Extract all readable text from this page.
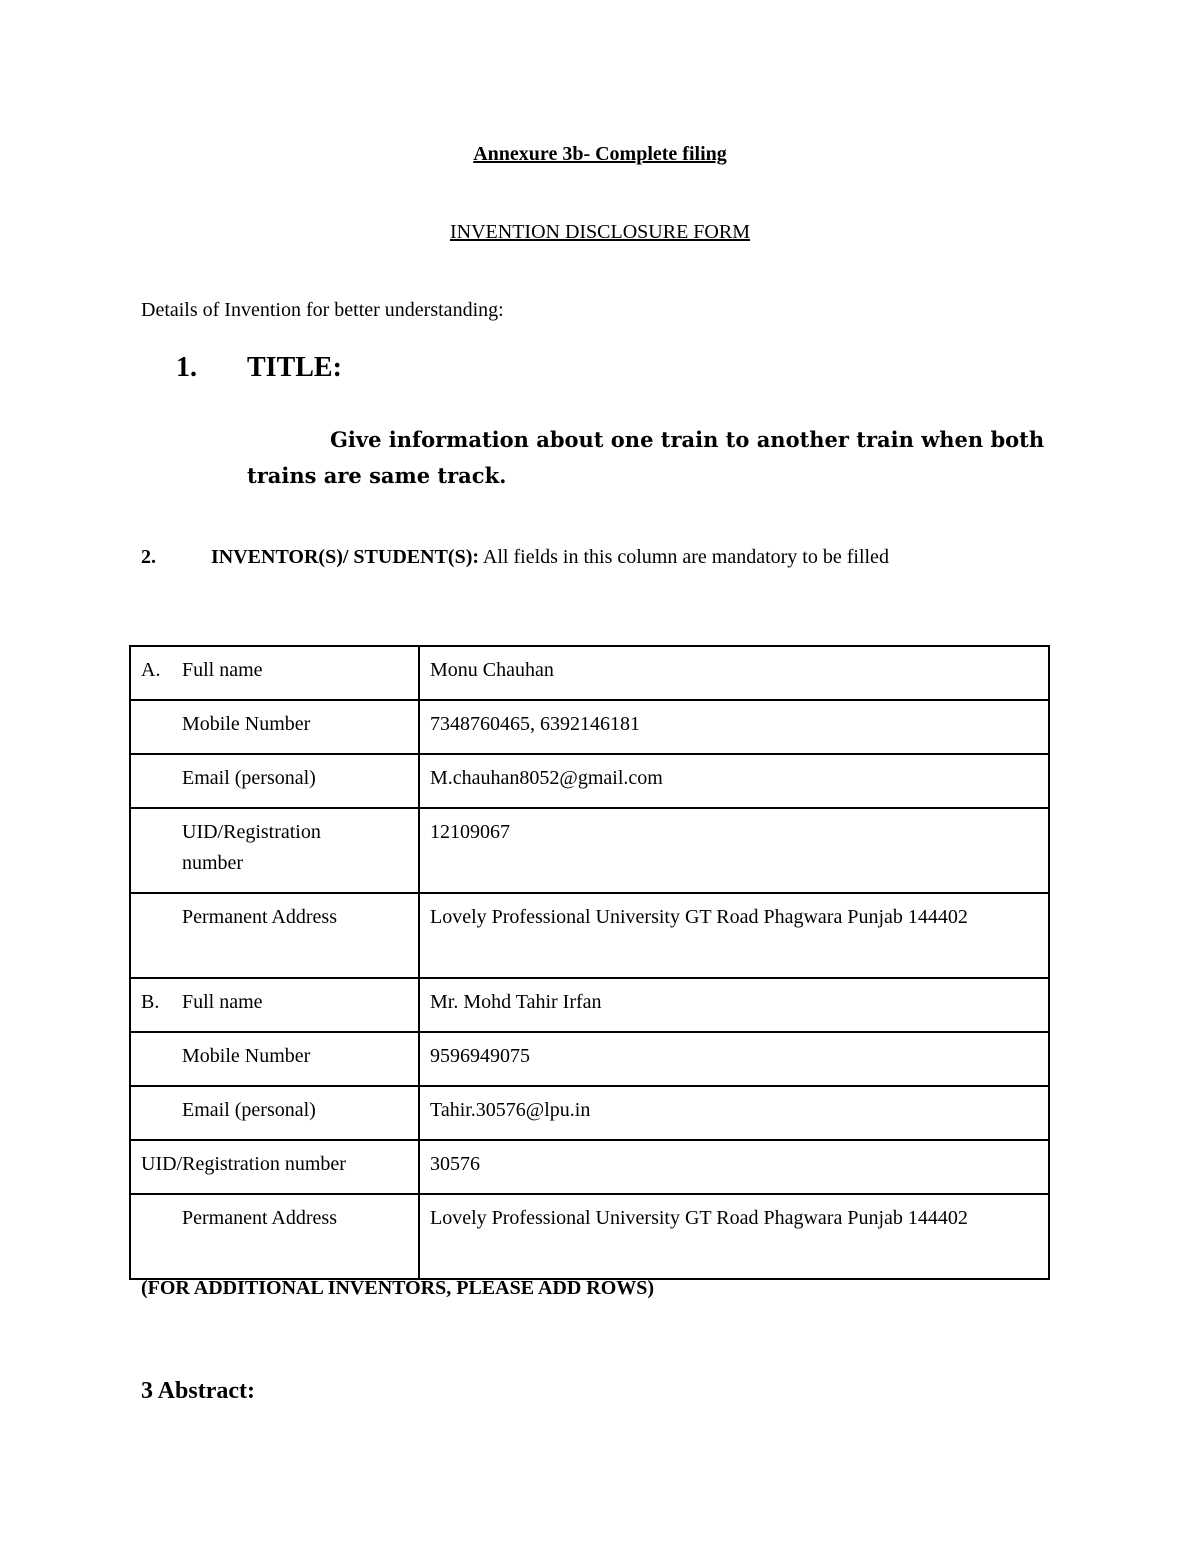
Annexure 3b- Complete filing
INVENTION DISCLOSURE FORM
Details of Invention for better understanding:
1. TITLE:
Give information about one train to another train when both trains are same track.
2.	INVENTOR(S)/ STUDENT(S): All fields in this column are mandatory to be filled
A. Full name	Monu Chauhan
Mobile Number	7348760465, 6392146181
Email (personal)	M.chauhan8052@gmail.com
UID/Registration number	12109067
Permanent Address	Lovely Professional University GT Road Phagwara Punjab 144402
B. Full name	Mr. Mohd Tahir Irfan
Mobile Number	9596949075
Email (personal)	Tahir.30576@lpu.in
UID/Registration number	30576
Permanent Address	Lovely Professional University GT Road Phagwara Punjab 144402
(FOR ADDITIONAL INVENTORS, PLEASE ADD ROWS)
3 Abstract:
